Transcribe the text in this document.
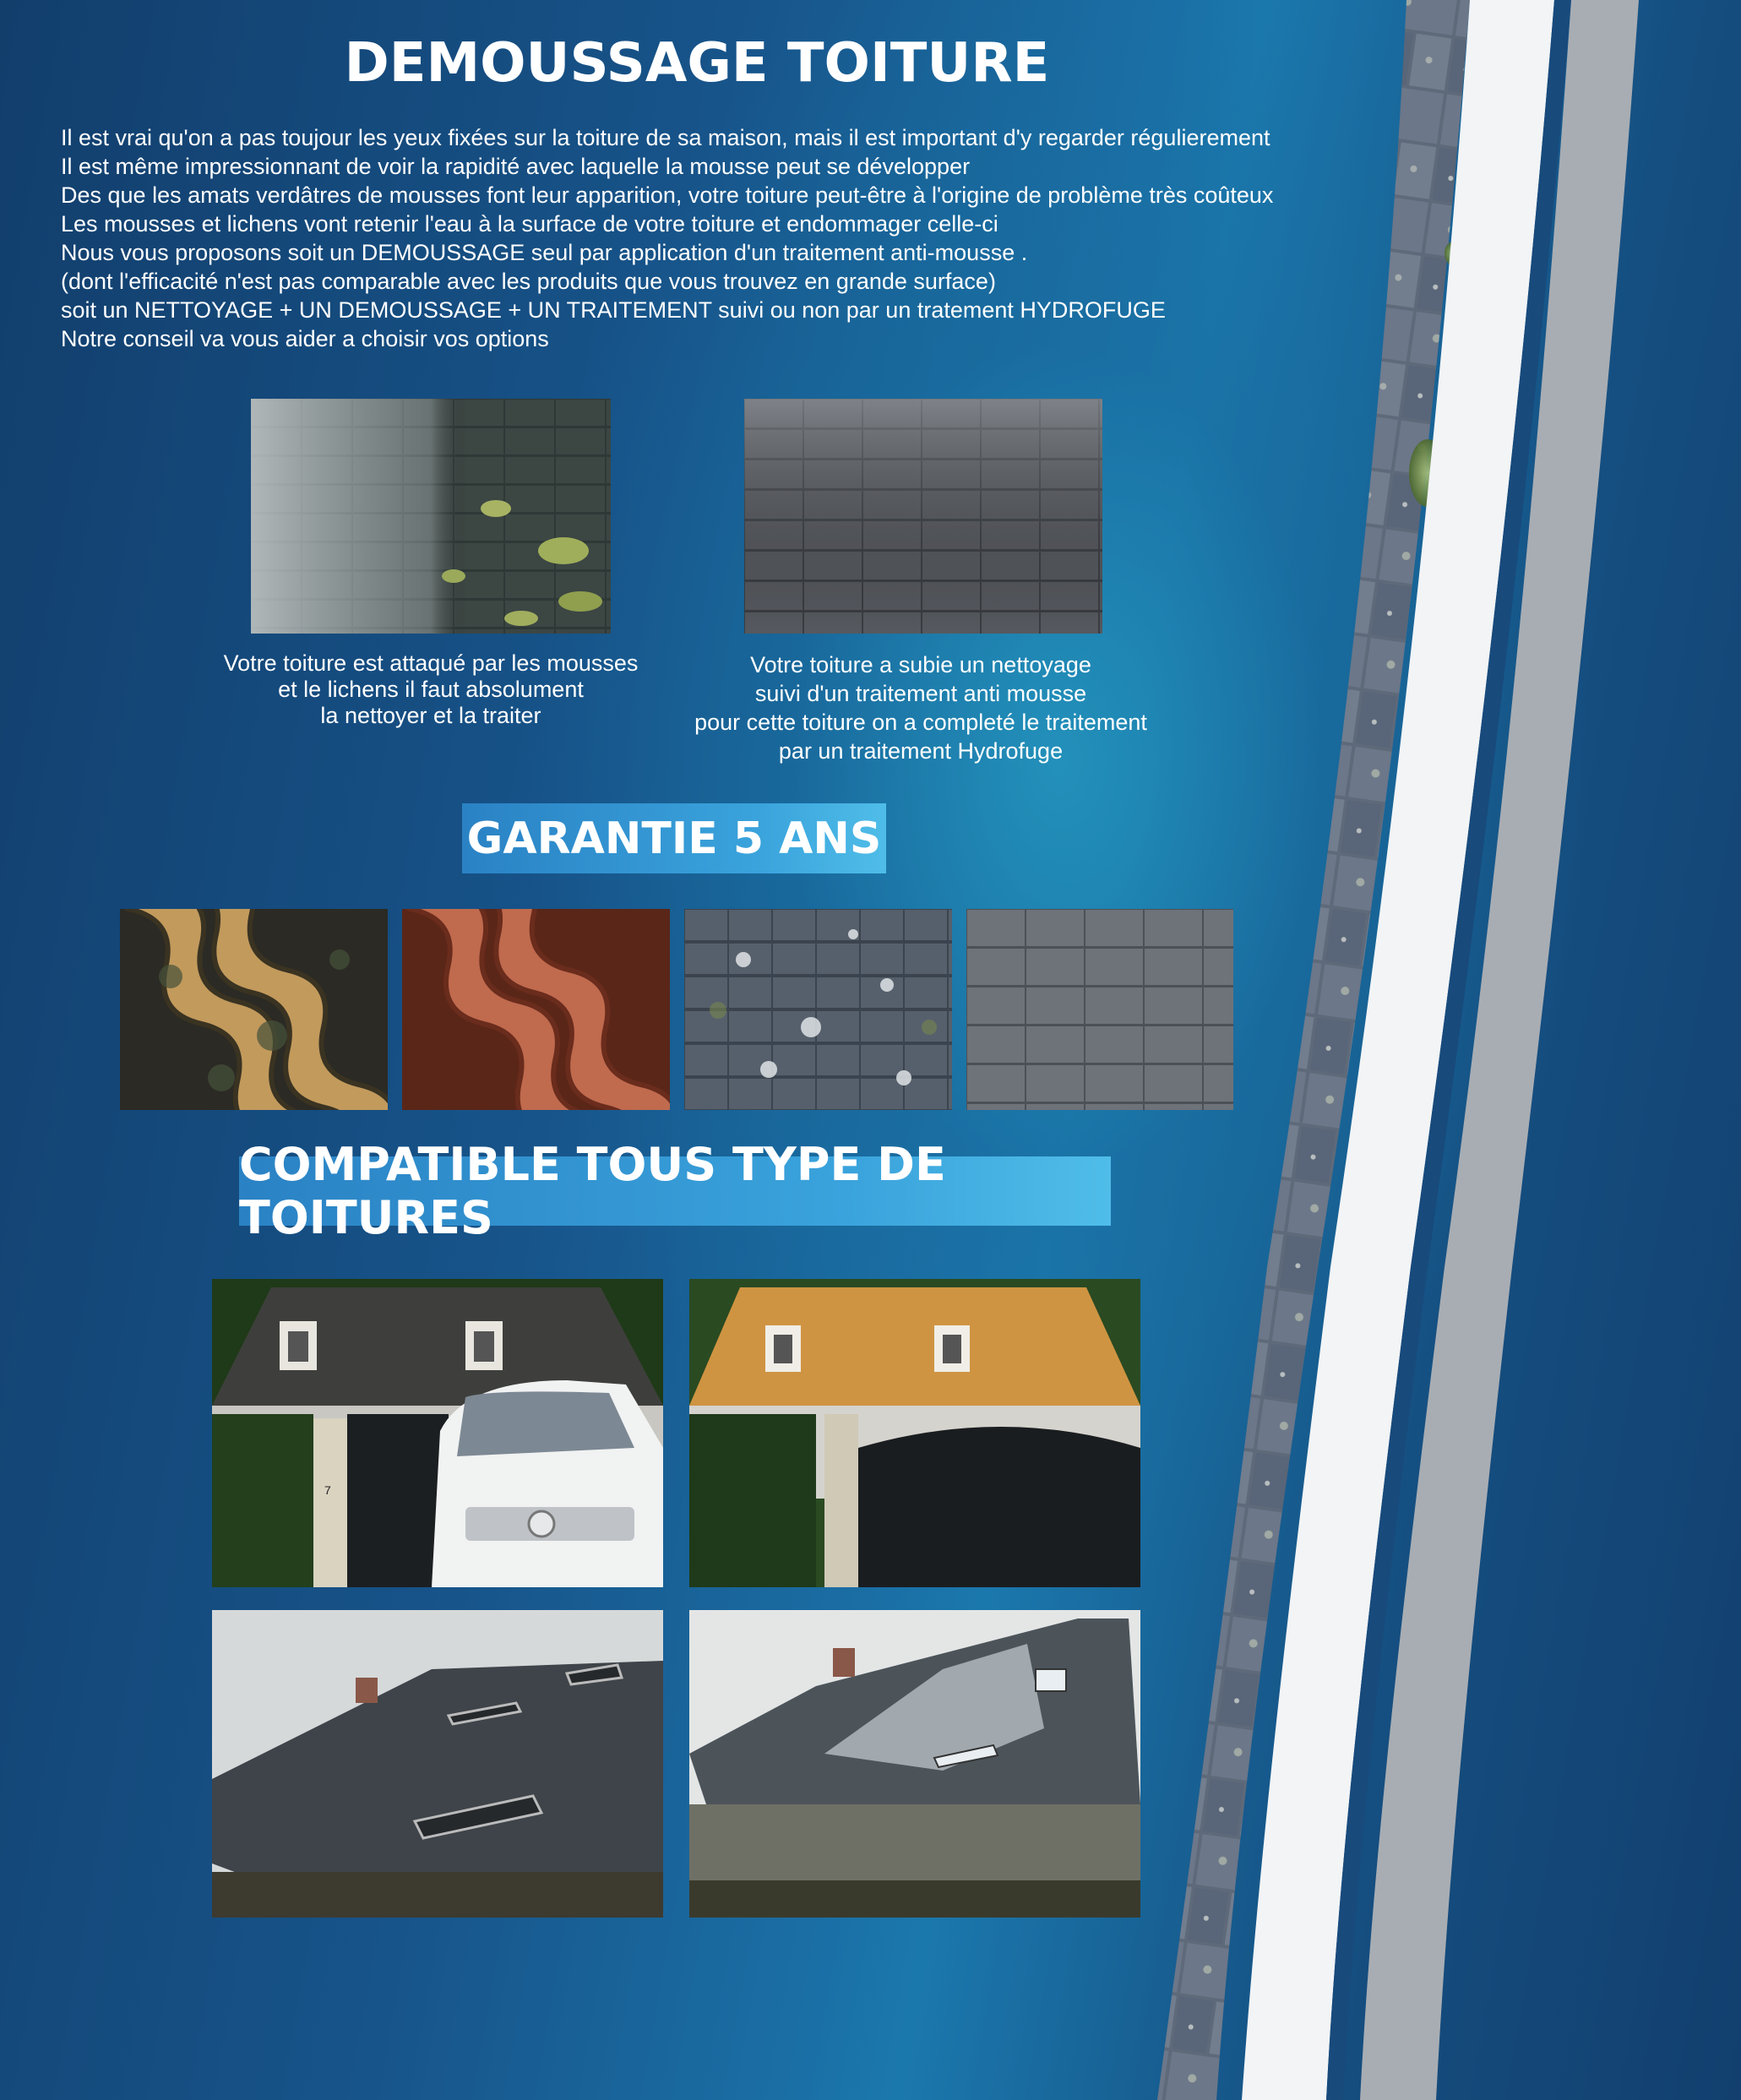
DEMOUSSAGE TOITURE
Il est vrai qu'on a pas toujour les yeux fixées sur la toiture de sa maison, mais il est important d'y regarder régulierement
Il est même impressionnant de voir la rapidité avec laquelle la mousse peut se développer
Des que les amats verdâtres de mousses font leur apparition, votre toiture peut-être à l'origine de problème très coûteux
Les mousses et lichens vont retenir l'eau à la surface de votre toiture et endommager celle-ci
Nous vous proposons soit un DEMOUSSAGE seul par application d'un traitement anti-mousse .
(dont l'efficacité n'est pas comparable avec les produits que vous trouvez en grande surface)
soit un NETTOYAGE + UN DEMOUSSAGE + UN TRAITEMENT suivi ou non par un tratement HYDROFUGE
Notre conseil va vous aider a choisir vos options
Votre toiture est attaqué par les mousses
et le lichens il faut absolument
la nettoyer et la traiter
Votre toiture a subie un nettoyage
suivi d'un traitement anti mousse
pour cette toiture on a completé le traitement
par un traitement Hydrofuge
GARANTIE 5 ANS
COMPATIBLE TOUS TYPE DE TOITURES
7
